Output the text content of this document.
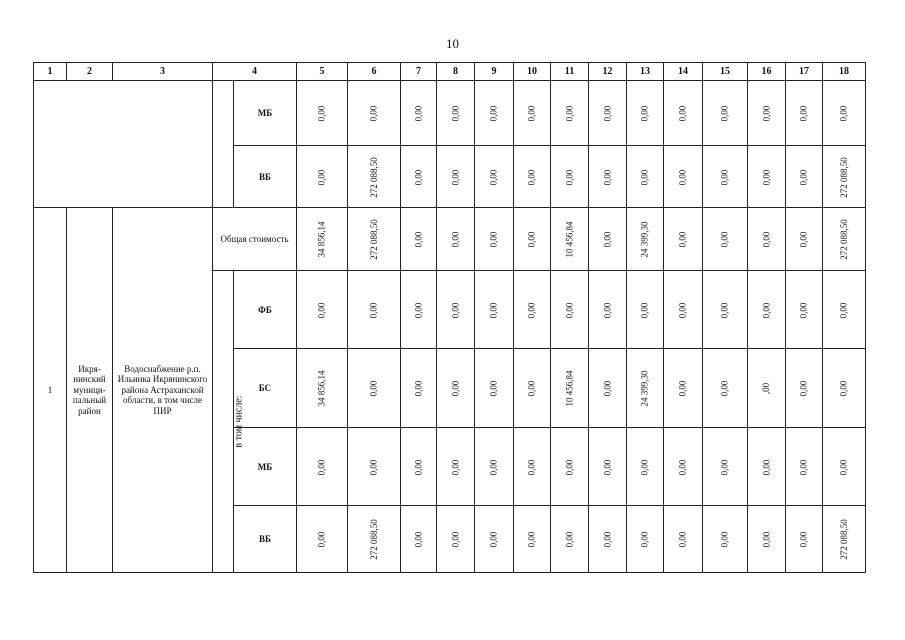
10
1	2	3	4		5	6	7	8	9	10	11	12	13	14	15	16	17	18
				МБ	0,00	0,00	0,00	0,00	0,00	0,00	0,00	0,00	0,00	0,00	0,00	0,00	0,00	0,00
				ВБ	0,00	272 088,50	0,00	0,00	0,00	0,00	0,00	0,00	0,00	0,00	0,00	0,00	0,00	272 088,50
1	Икря-нинский муници-пальный район	Водоснабжение р.п. Ильинка Икрянинского района Астраханской области, в том числе ПИР	Общая стоимость		34 856,14	272 088,50	0,00	0,00	0,00	0,00	10 456,84	0,00	24 399,30	0,00	0,00	0,00	0,00	272 088,50
			в том числе:	ФБ	0,00	0,00	0,00	0,00	0,00	0,00	0,00	0,00	0,00	0,00	0,00	0,00	0,00	0,00
				БС	34 856,14	0,00	0,00	0,00	0,00	0,00	10 456,84	0,00	24 399,30	0,00	0,00	,00	0,00	0,00
				МБ	0,00	0,00	0,00	0,00	0,00	0,00	0,00	0,00	0,00	0,00	0,00	0,00	0,00	0,00
				ВБ	0,00	272 088,50	0,00	0,00	0,00	0,00	0,00	0,00	0,00	0,00	0,00	0,00	0,00	272 088,50
